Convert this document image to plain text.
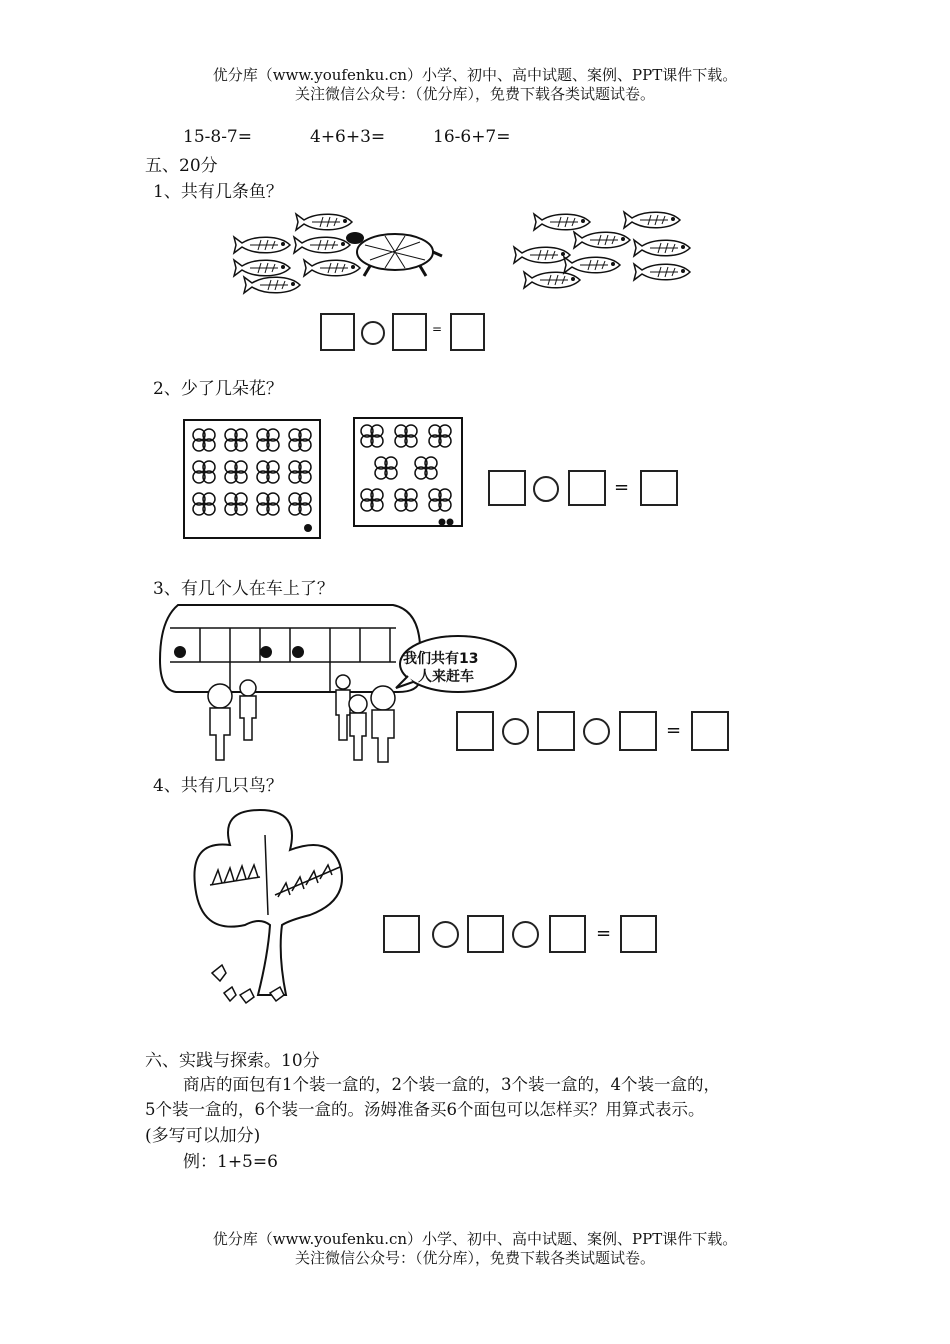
优分库（www.youfenku.cn）小学、初中、高中试题、案例、PPT课件下载。
关注微信公众号：（优分库），免费下载各类试题试卷。
15-8-7=	4+6+3=	16-6+7=
五、20分
1、共有几条鱼？
=
2、少了几朵花？
=
3、有几个人在车上了？
我们共有13
人来赶车
=
4、共有几只鸟？
=
六、实践与探索。10分
商店的面包有1个装一盒的，2个装一盒的，3个装一盒的，4个装一盒的，
5个装一盒的，6个装一盒的。汤姆准备买6个面包可以怎样买？用算式表示。
(多写可以加分)
例：1+5=6
优分库（www.youfenku.cn）小学、初中、高中试题、案例、PPT课件下载。
关注微信公众号：（优分库），免费下载各类试题试卷。
